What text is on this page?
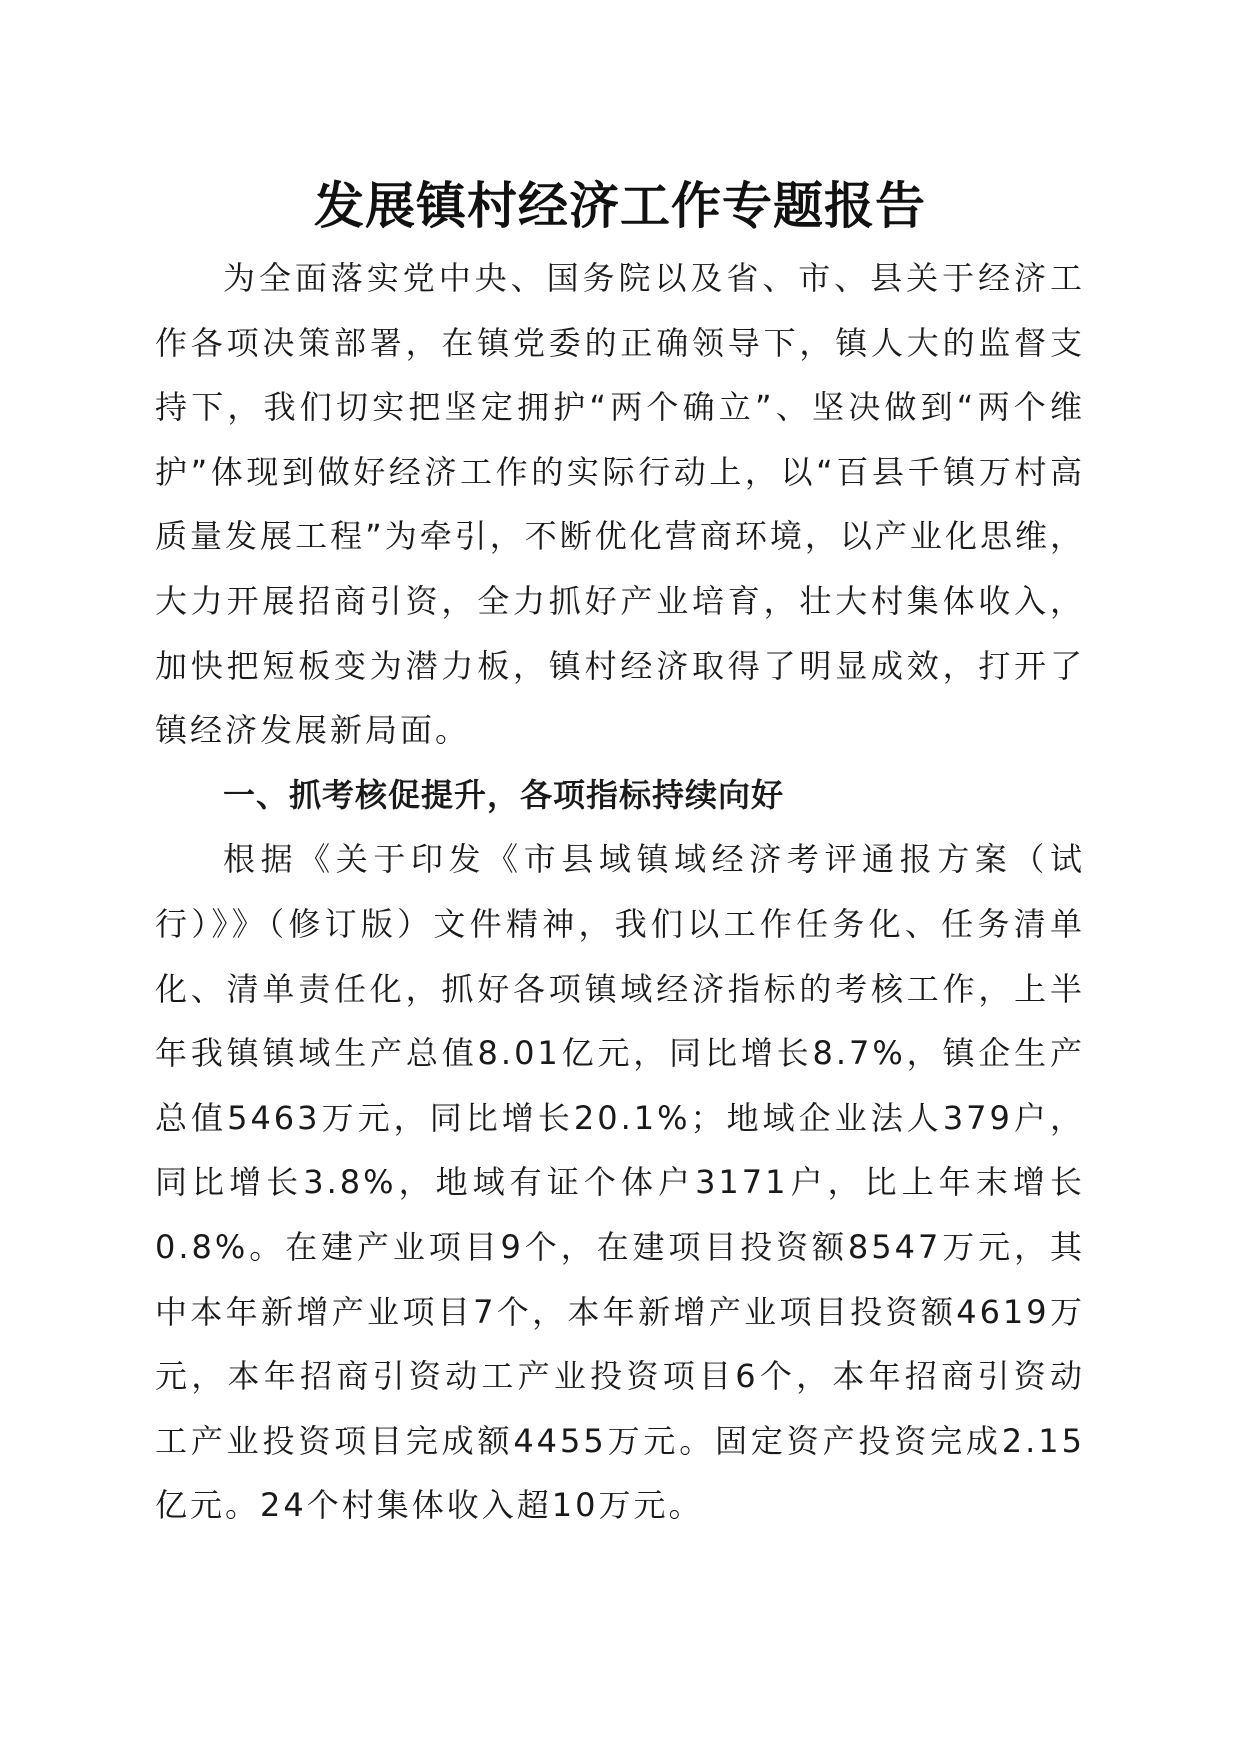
发展镇村经济工作专题报告

为全面落实党中央、国务院以及省、市、县关于经济工作各项决策部署，在镇党委的正确领导下，镇人大的监督支持下，我们切实把坚定拥护“两个确立”、坚决做到“两个维护”体现到做好经济工作的实际行动上，以“百县千镇万村高质量发展工程”为牵引，不断优化营商环境，以产业化思维，大力开展招商引资，全力抓好产业培育，壮大村集体收入，加快把短板变为潜力板，镇村经济取得了明显成效，打开了镇经济发展新局面。

一、抓考核促提升，各项指标持续向好

根据《关于印发《市县域镇域经济考评通报方案（试行）》》（修订版）文件精神，我们以工作任务化、任务清单化、清单责任化，抓好各项镇域经济指标的考核工作，上半年我镇镇域生产总值8.01亿元，同比增长8.7%，镇企生产总值5463万元，同比增长20.1%；地域企业法人379户，同比增长3.8%，地域有证个体户3171户，比上年末增长0.8%。在建产业项目9个，在建项目投资额8547万元，其中本年新增产业项目7个，本年新增产业项目投资额4619万元，本年招商引资动工产业投资项目6个，本年招商引资动工产业投资项目完成额4455万元。固定资产投资完成2.15亿元。24个村集体收入超10万元。
